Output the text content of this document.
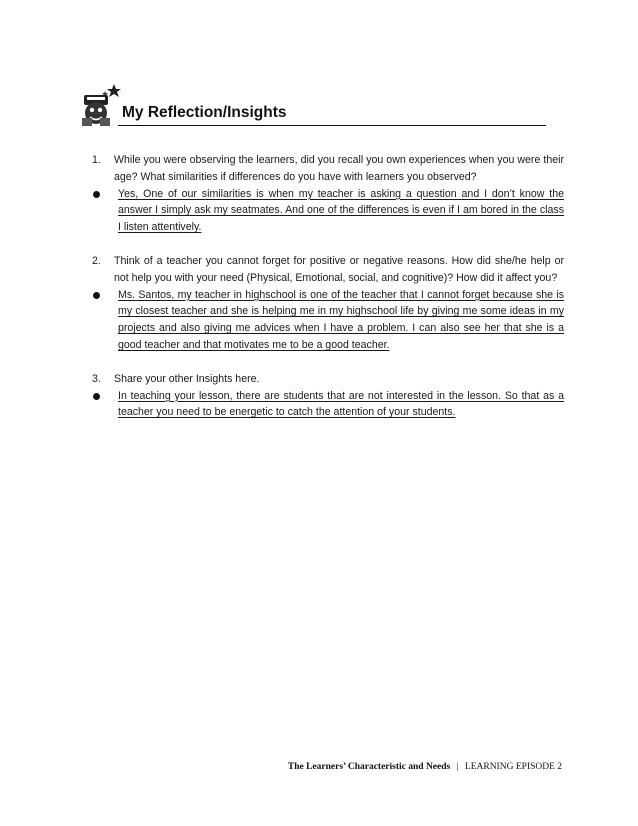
My Reflection/Insights
1. While you were observing the learners, did you recall you own experiences when you were their age? What similarities if differences do you have with learners you observed?
Yes, One of our similarities is when my teacher is asking a question and I don’t know the answer I simply ask my seatmates. And one of the differences is even if I am bored in the class I listen attentively.
2. Think of a teacher you cannot forget for positive or negative reasons. How did she/he help or not help you with your need (Physical, Emotional, social, and cognitive)? How did it affect you?
Ms. Santos, my teacher in highschool is one of the teacher that I cannot forget because she is my closest teacher and she is helping me in my highschool life by giving me some ideas in my projects and also giving me advices when I have a problem. I can also see her that she is a good teacher and that motivates me to be a good teacher.
3. Share your other Insights here.
In teaching your lesson, there are students that are not interested in the lesson. So that as a teacher you need to be energetic to catch the attention of your students.
The Learners’ Characteristic and Needs | LEARNING EPISODE 2
